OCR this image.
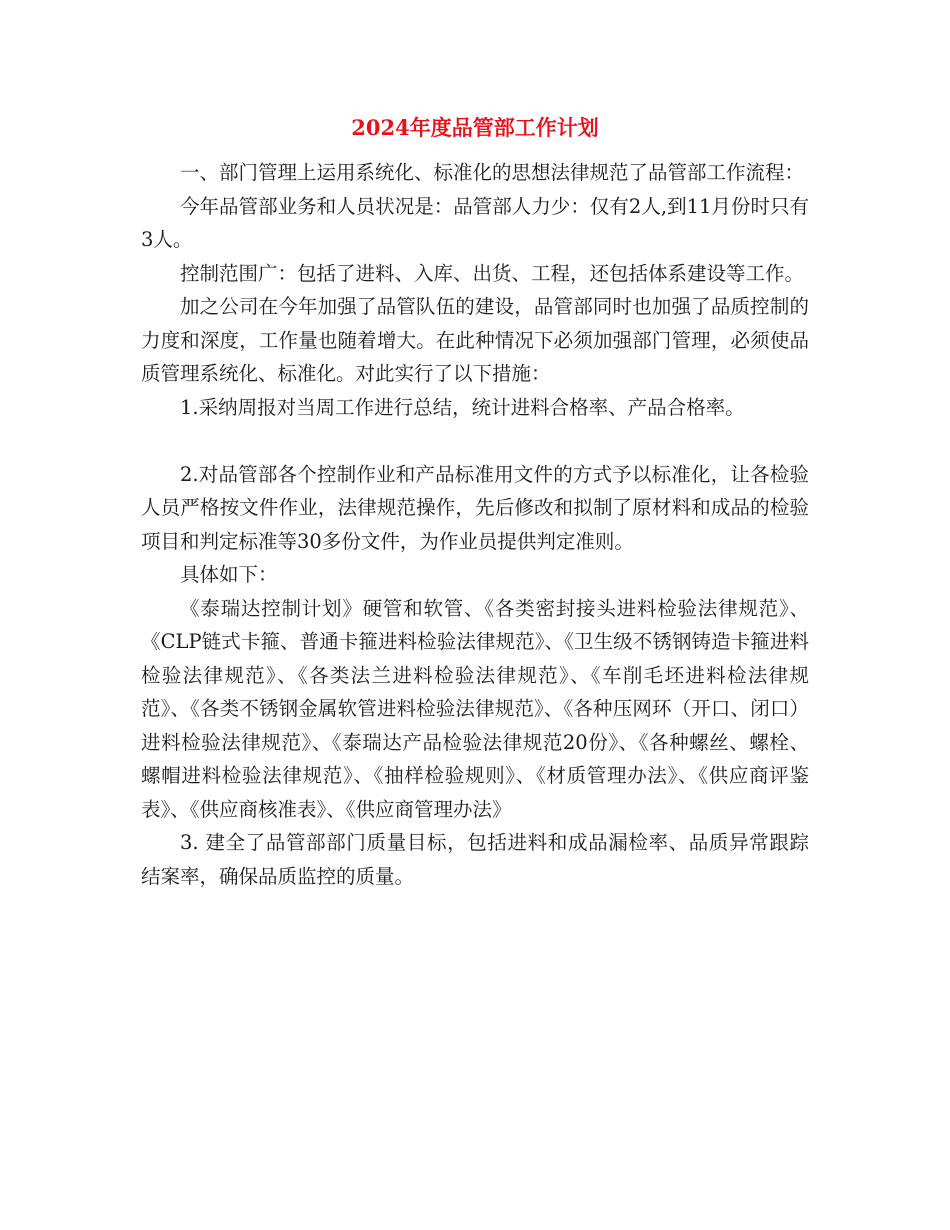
2024年度品管部工作计划

一、部门管理上运用系统化、标准化的思想法律规范了品管部工作流程：

今年品管部业务和人员状况是：品管部人力少：仅有2人,到11月份时只有3人。

控制范围广：包括了进料、入库、出货、工程，还包括体系建设等工作。

加之公司在今年加强了品管队伍的建设，品管部同时也加强了品质控制的力度和深度，工作量也随着增大。在此种情况下必须加强部门管理，必须使品质管理系统化、标准化。对此实行了以下措施：

1.采纳周报对当周工作进行总结，统计进料合格率、产品合格率。

2.对品管部各个控制作业和产品标准用文件的方式予以标准化，让各检验人员严格按文件作业，法律规范操作，先后修改和拟制了原材料和成品的检验项目和判定标准等30多份文件，为作业员提供判定准则。

具体如下：

《泰瑞达控制计划》硬管和软管、《各类密封接头进料检验法律规范》、《CLP链式卡箍、普通卡箍进料检验法律规范》、《卫生级不锈钢铸造卡箍进料检验法律规范》、《各类法兰进料检验法律规范》、《车削毛坯进料检法律规范》、《各类不锈钢金属软管进料检验法律规范》、《各种压网环（开口、闭口）进料检验法律规范》、《泰瑞达产品检验法律规范20份》、《各种螺丝、螺栓、螺帽进料检验法律规范》、《抽样检验规则》、《材质管理办法》、《供应商评鉴表》、《供应商核准表》、《供应商管理办法》

3. 建全了品管部部门质量目标，包括进料和成品漏检率、品质异常跟踪结案率，确保品质监控的质量。
